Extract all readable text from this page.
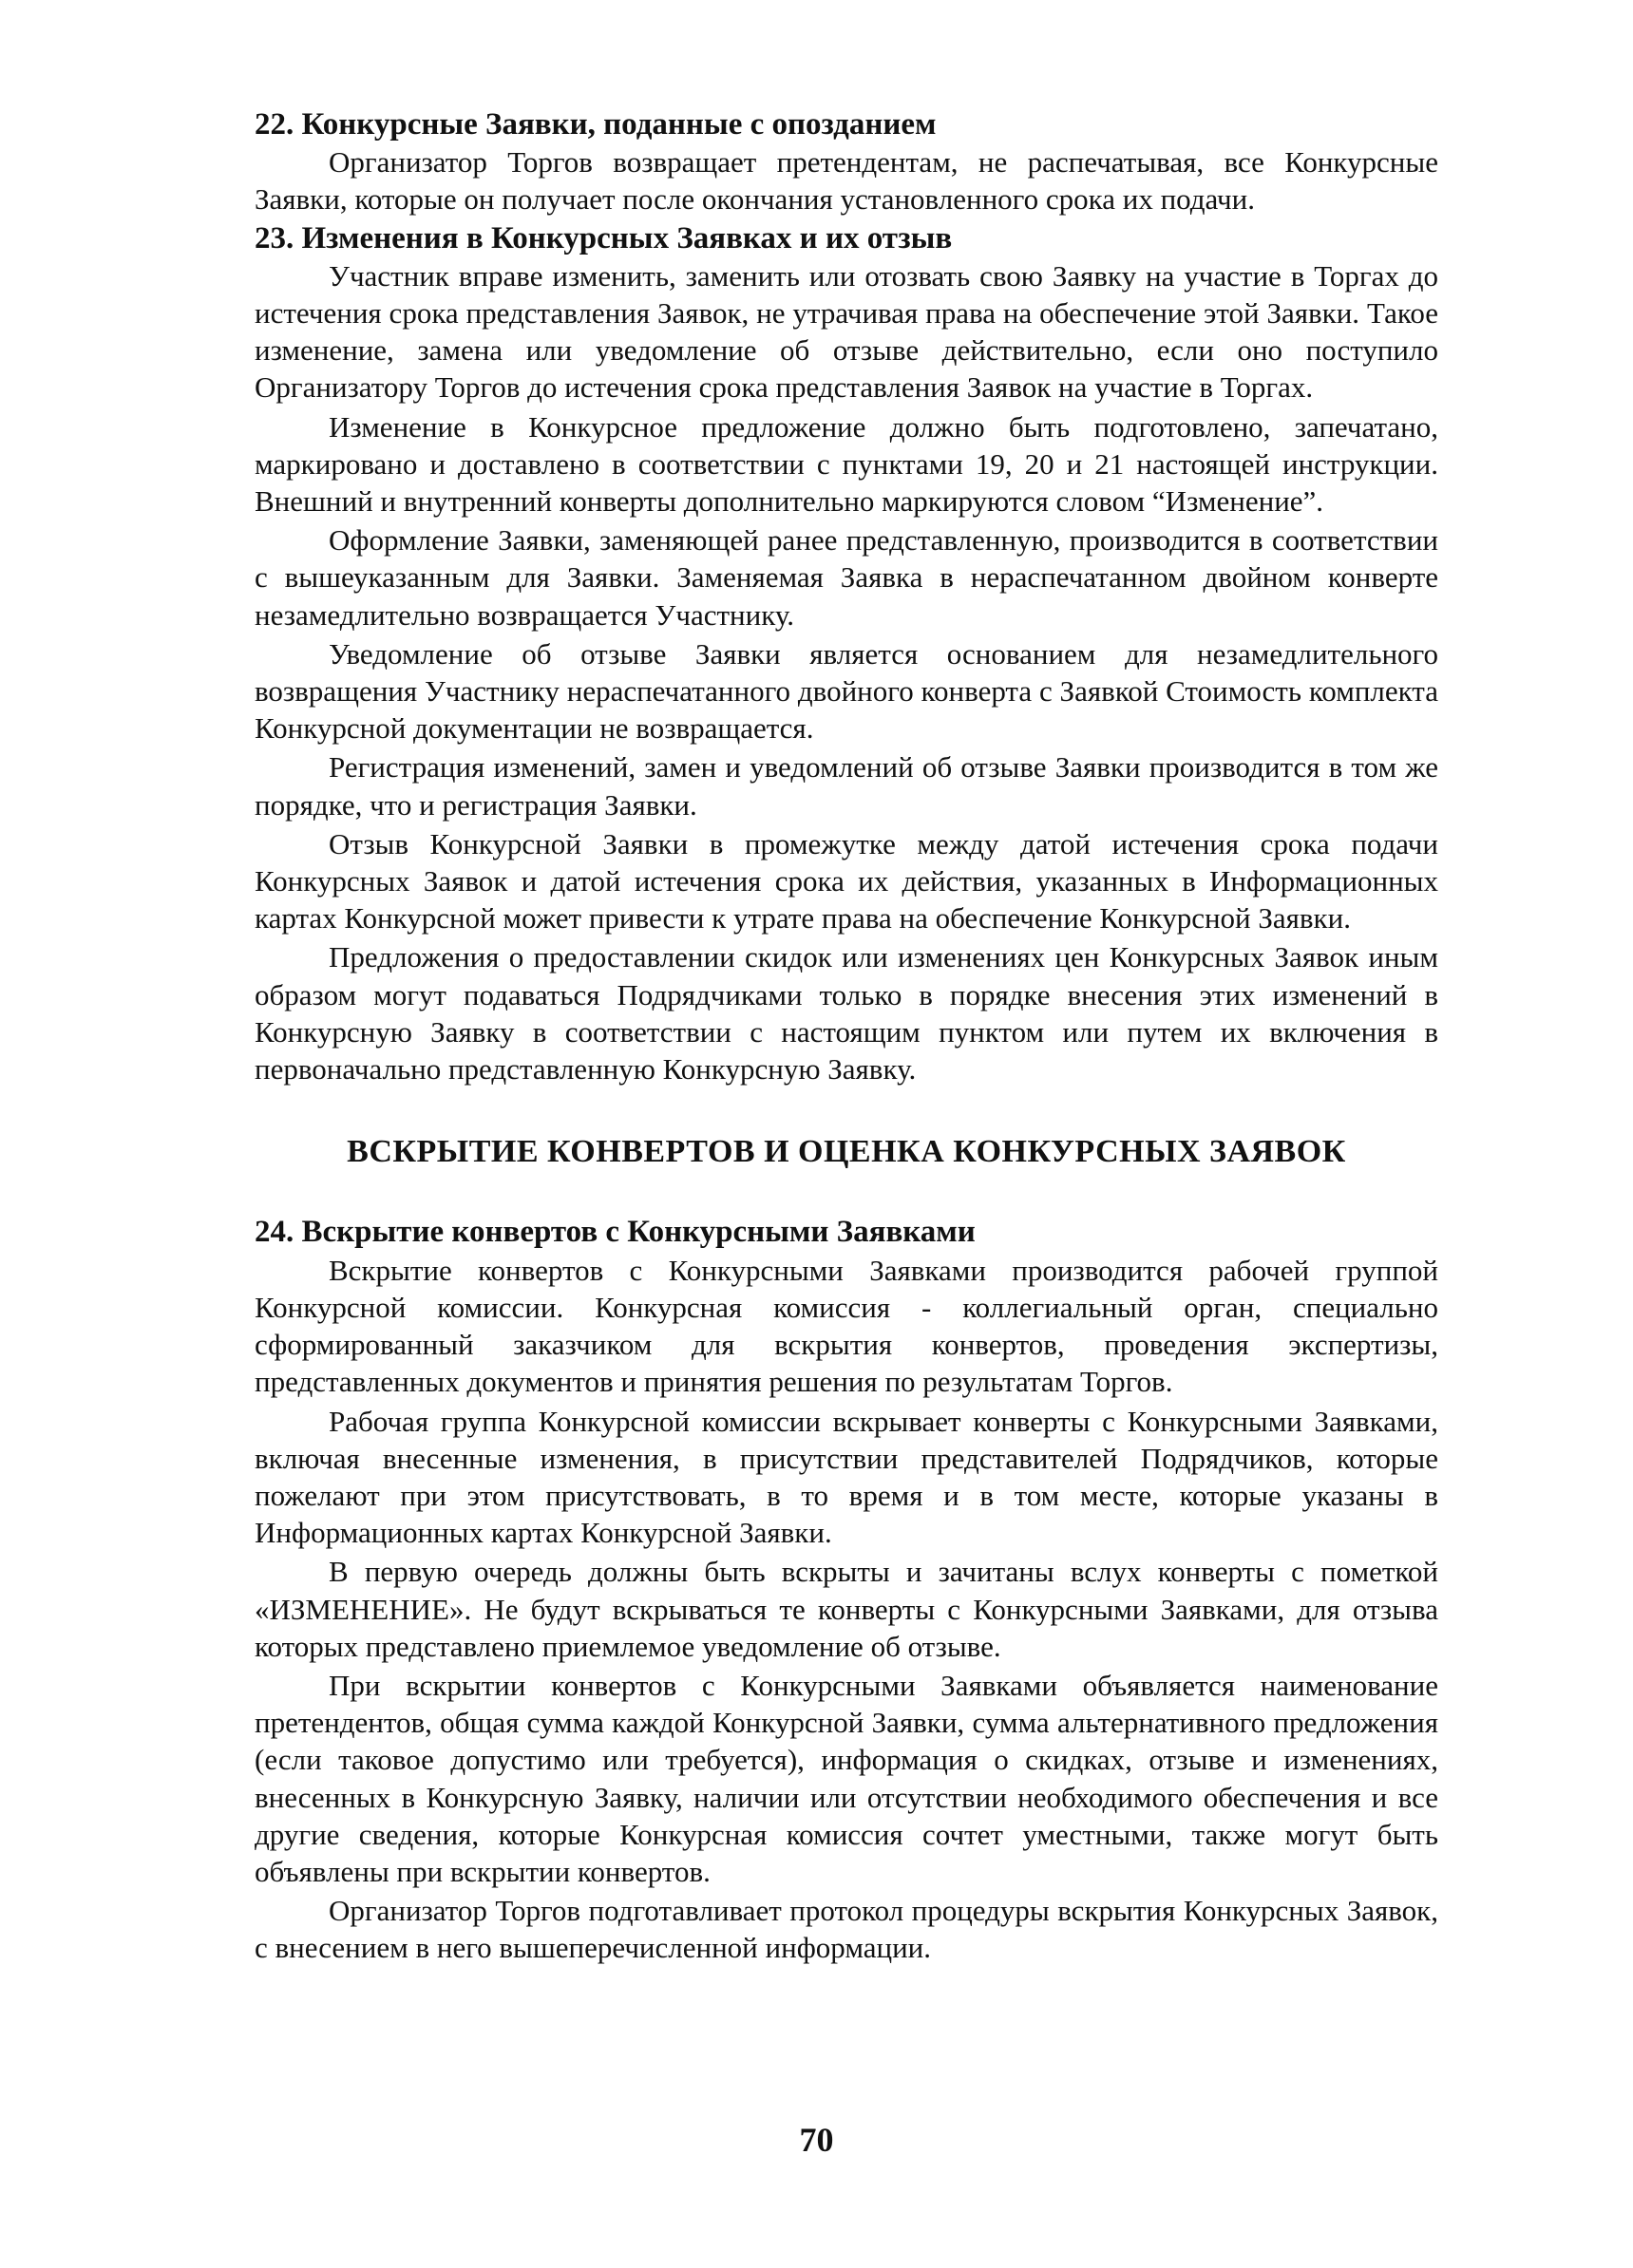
22. Конкурсные Заявки, поданные с опозданием

Организатор Торгов возвращает претендентам, не распечатывая, все Конкурсные Заявки, которые он получает после окончания установленного срока их подачи.

23. Изменения в Конкурсных Заявках и их отзыв

Участник вправе изменить, заменить или отозвать свою Заявку на участие в Торгах до истечения срока представления Заявок, не утрачивая права на обеспечение этой Заявки. Такое изменение, замена или уведомление об отзыве действительно, если оно поступило Организатору Торгов до истечения срока представления Заявок на участие в Торгах.

Изменение в Конкурсное предложение должно быть подготовлено, запечатано, маркировано и доставлено в соответствии с пунктами 19, 20 и 21 настоящей инструкции. Внешний и внутренний конверты дополнительно маркируются словом “Изменение”.

Оформление Заявки, заменяющей ранее представленную, производится в соответствии с вышеуказанным для Заявки. Заменяемая Заявка в нераспечатанном двойном конверте незамедлительно возвращается Участнику.

Уведомление об отзыве Заявки является основанием для незамедлительного возвращения Участнику нераспечатанного двойного конверта с Заявкой Стоимость комплекта Конкурсной документации не возвращается.

Регистрация изменений, замен и уведомлений об отзыве Заявки производится в том же порядке, что и регистрация Заявки.

Отзыв Конкурсной Заявки в промежутке между датой истечения срока подачи Конкурсных Заявок и датой истечения срока их действия, указанных в Информационных картах Конкурсной может привести к утрате права на обеспечение Конкурсной Заявки.

Предложения о предоставлении скидок или изменениях цен Конкурсных Заявок иным образом могут подаваться Подрядчиками только в порядке внесения этих изменений в Конкурсную Заявку в соответствии с настоящим пунктом или путем их включения в первоначально представленную Конкурсную Заявку.

ВСКРЫТИЕ КОНВЕРТОВ И ОЦЕНКА КОНКУРСНЫХ ЗАЯВОК
24. Вскрытие конвертов с Конкурсными Заявками

Вскрытие конвертов с Конкурсными Заявками производится рабочей группой Конкурсной комиссии. Конкурсная комиссия - коллегиальный орган, специально сформированный заказчиком для вскрытия конвертов, проведения экспертизы, представленных документов и принятия решения по результатам Торгов.

Рабочая группа Конкурсной комиссии вскрывает конверты с Конкурсными Заявками, включая внесенные изменения, в присутствии представителей Подрядчиков, которые пожелают при этом присутствовать, в то время и в том месте, которые указаны в Информационных картах Конкурсной Заявки.

В первую очередь должны быть вскрыты и зачитаны вслух конверты с пометкой «ИЗМЕНЕНИЕ». Не будут вскрываться те конверты с Конкурсными Заявками, для отзыва которых представлено приемлемое уведомление об отзыве.

При вскрытии конвертов с Конкурсными Заявками объявляется наименование претендентов, общая сумма каждой Конкурсной Заявки, сумма альтернативного предложения (если таковое допустимо или требуется), информация о скидках, отзыве и изменениях, внесенных в Конкурсную Заявку, наличии или отсутствии необходимого обеспечения и все другие сведения, которые Конкурсная комиссия сочтет уместными, также могут быть объявлены при вскрытии конвертов.

Организатор Торгов подготавливает протокол процедуры вскрытия Конкурсных Заявок, с внесением в него вышеперечисленной информации.

70
